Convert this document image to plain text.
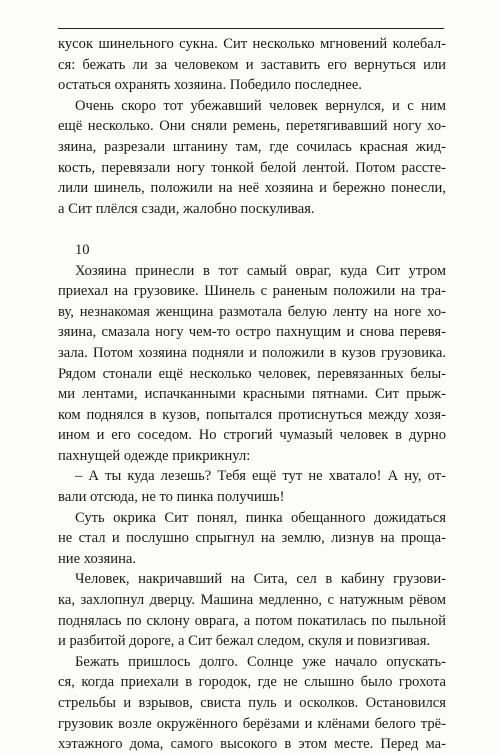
кусок шинельного сукна. Сит несколько мгновений колебал-
ся: бежать ли за человеком и заставить его вернуться или
остаться охранять хозяина. Победило последнее.
Очень скоро тот убежавший человек вернулся, и с ним
ещё несколько. Они сняли ремень, перетягивавший ногу хо-
зяина, разрезали штанину там, где сочилась красная жид-
кость, перевязали ногу тонкой белой лентой. Потом рассте-
лили шинель, положили на неё хозяина и бережно понесли,
а Сит плёлся сзади, жалобно поскуливая.
10
Хозяина принесли в тот самый овраг, куда Сит утром
приехал на грузовике. Шинель с раненым положили на тра-
ву, незнакомая женщина размотала белую ленту на ноге хо-
зяина, смазала ногу чем-то остро пахнущим и снова перевя-
зала. Потом хозяина подняли и положили в кузов грузовика.
Рядом стонали ещё несколько человек, перевязанных белы-
ми лентами, испачканными красными пятнами. Сит прыж-
ком поднялся в кузов, попытался протиснуться между хозя-
ином и его соседом. Но строгий чумазый человек в дурно
пахнущей одежде прикрикнул:
– А ты куда лезешь? Тебя ещё тут не хватало! А ну, от-
вали отсюда, не то пинка получишь!
Суть окрика Сит понял, пинка обещанного дожидаться
не стал и послушно спрыгнул на землю, лизнув на проща-
ние хозяина.
Человек, накричавший на Сита, сел в кабину грузови-
ка, захлопнул дверцу. Машина медленно, с натужным рёвом
поднялась по склону оврага, а потом покатилась по пыльной
и разбитой дороге, а Сит бежал следом, скуля и повизгивая.
Бежать пришлось долго. Солнце уже начало опускать-
ся, когда приехали в городок, где не слышно было грохота
стрельбы и взрывов, свиста пуль и осколков. Остановился
грузовик возле окружённого берёзами и клёнами белого трё-
хэтажного дома, самого высокого в этом месте. Перед ма-
